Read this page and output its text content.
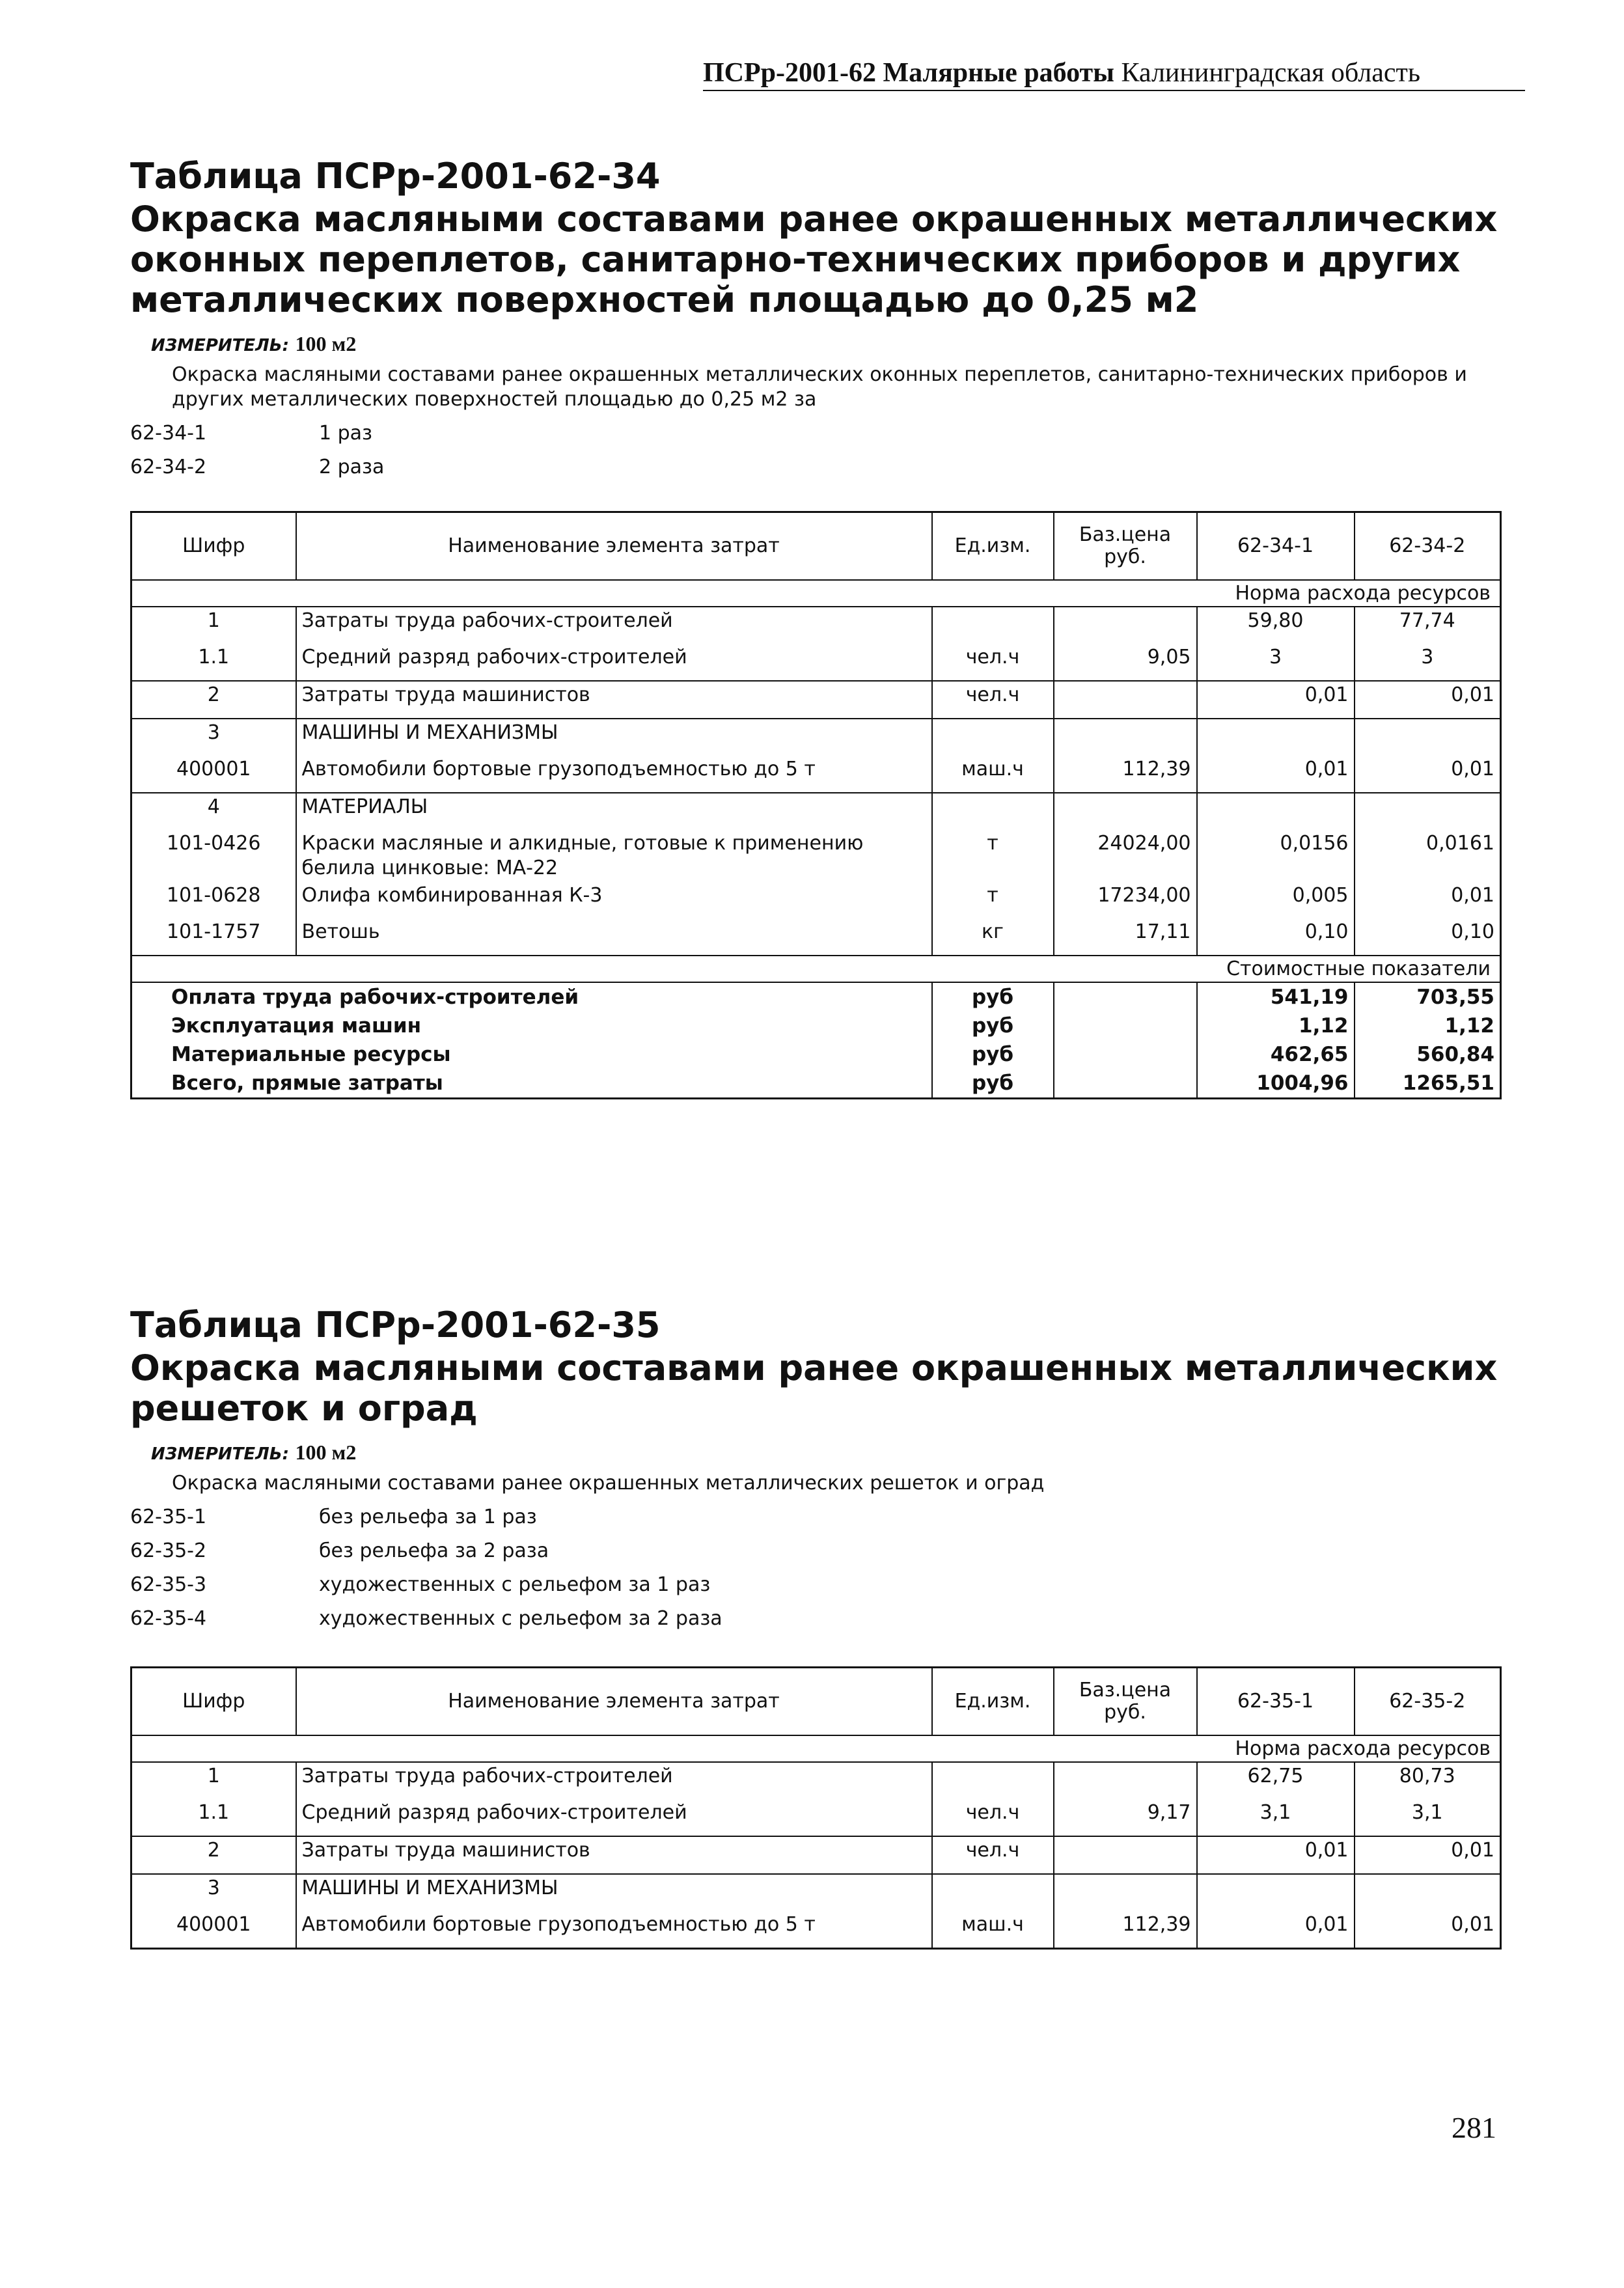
ПСРр-2001-62 Малярные работы Калининградская область
Таблица ПСРр-2001-62-34
Окраска масляными составами ранее окрашенных металлических оконных переплетов, санитарно-технических приборов и других металлических поверхностей площадью до 0,25 м2
ИЗМЕРИТЕЛЬ: 100 м2
Окраска масляными составами ранее окрашенных металлических оконных переплетов, санитарно-технических приборов и других металлических поверхностей площадью до 0,25 м2 за
62-34-1	1 раз
62-34-2	2 раза
Шифр	Наименование элемента затрат	Ед.изм.	Баз.цена руб.	62-34-1	62-34-2
Норма расхода ресурсов					
1	Затраты труда рабочих-строителей			59,80	77,74
1.1	Средний разряд рабочих-строителей	чел.ч	9,05	3	3
2	Затраты труда машинистов	чел.ч		0,01	0,01
3	МАШИНЫ И МЕХАНИЗМЫ				
400001	Автомобили бортовые грузоподъемностью до 5 т	маш.ч	112,39	0,01	0,01
4	МАТЕРИАЛЫ				
101-0426	Краски масляные и алкидные, готовые к применению белила цинковые: МА-22	т	24024,00	0,0156	0,0161
101-0628	Олифа комбинированная К-3	т	17234,00	0,005	0,01
101-1757	Ветошь	кг	17,11	0,10	0,10
Стоимостные показатели					
Оплата труда рабочих-строителей		руб		541,19	703,55
Эксплуатация машин		руб		1,12	1,12
Материальные ресурсы		руб		462,65	560,84
Всего, прямые затраты		руб		1004,96	1265,51
Таблица ПСРр-2001-62-35
Окраска масляными составами ранее окрашенных металлических решеток и оград
ИЗМЕРИТЕЛЬ: 100 м2
Окраска масляными составами ранее окрашенных металлических решеток и оград
62-35-1	без рельефа за 1 раз
62-35-2	без рельефа за 2 раза
62-35-3	художественных с рельефом за 1 раз
62-35-4	художественных с рельефом за 2 раза
Шифр	Наименование элемента затрат	Ед.изм.	Баз.цена руб.	62-35-1	62-35-2
Норма расхода ресурсов					
1	Затраты труда рабочих-строителей			62,75	80,73
1.1	Средний разряд рабочих-строителей	чел.ч	9,17	3,1	3,1
2	Затраты труда машинистов	чел.ч		0,01	0,01
3	МАШИНЫ И МЕХАНИЗМЫ				
400001	Автомобили бортовые грузоподъемностью до 5 т	маш.ч	112,39	0,01	0,01
281
